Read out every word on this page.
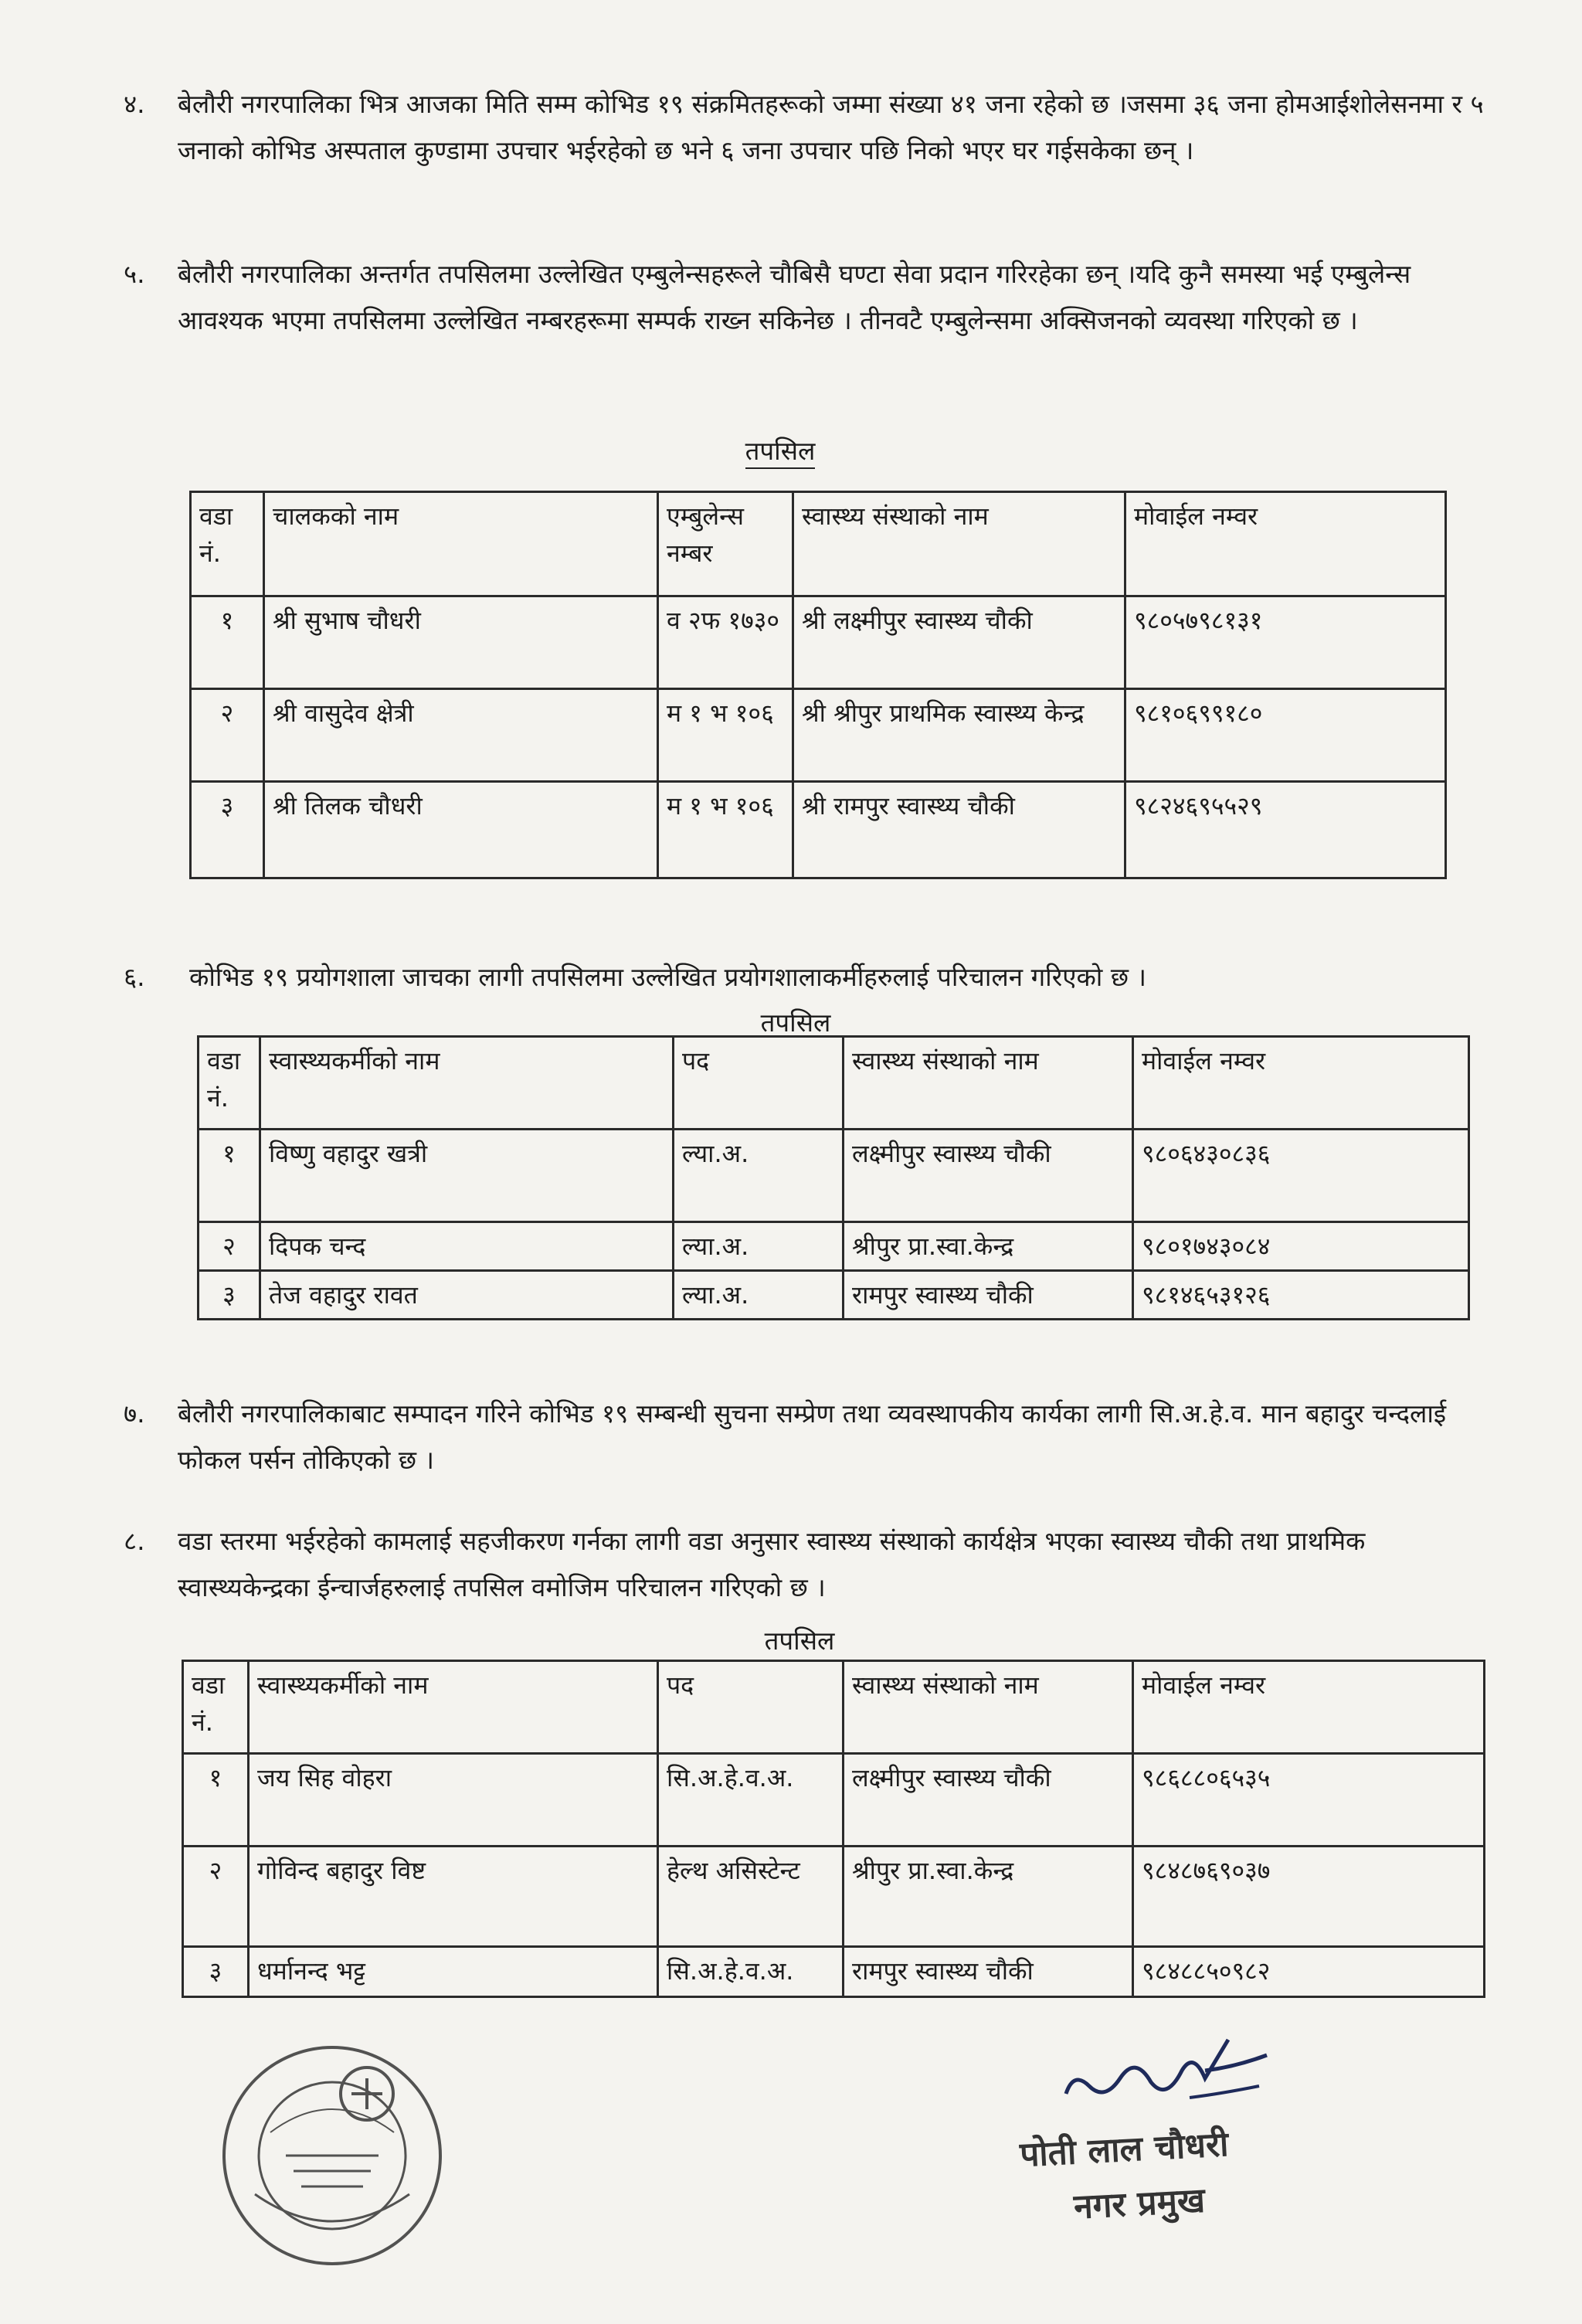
४. बेलौरी नगरपालिका भित्र आजका मिति सम्म कोभिड १९ संक्रमितहरूको जम्मा संख्या ४१ जना रहेको छ ।जसमा ३६ जना होमआईशोलेसनमा र ५ जनाको कोभिड अस्पताल कुण्डामा उपचार भईरहेको छ भने ६ जना उपचार पछि निको भएर घर गईसकेका छन् ।
५. बेलौरी नगरपालिका अन्तर्गत तपसिलमा उल्लेखित एम्बुलेन्सहरूले चौबिसै घण्टा सेवा प्रदान गरिरहेका छन् ।यदि कुनै समस्या भई एम्बुलेन्स आवश्यक भएमा तपसिलमा उल्लेखित नम्बरहरूमा सम्पर्क राख्न सकिनेछ । तीनवटै एम्बुलेन्समा अक्सिजनको व्यवस्था गरिएको छ ।
तपसिल
वडा नं.	चालकको नाम	एम्बुलेन्स नम्बर	स्वास्थ्य संस्थाको नाम	मोवाईल नम्वर
१	श्री सुभाष चौधरी	व २फ १७३०	श्री लक्ष्मीपुर स्वास्थ्य चौकी	९८०५७९८१३१
२	श्री वासुदेव क्षेत्री	म १ भ १०६	श्री श्रीपुर प्राथमिक स्वास्थ्य केन्द्र	९८१०६९९१८०
३	श्री तिलक चौधरी	म १ भ १०६	श्री रामपुर स्वास्थ्य चौकी	९८२४६९५५२९
६. कोभिड १९ प्रयोगशाला जाचका लागी तपसिलमा उल्लेखित प्रयोगशालाकर्मीहरुलाई परिचालन गरिएको छ ।
तपसिल
वडा नं.	स्वास्थ्यकर्मीको नाम	पद	स्वास्थ्य संस्थाको नाम	मोवाईल नम्वर
१	विष्णु वहादुर खत्री	ल्या.अ.	लक्ष्मीपुर स्वास्थ्य चौकी	९८०६४३०८३६
२	दिपक चन्द	ल्या.अ.	श्रीपुर प्रा.स्वा.केन्द्र	९८०१७४३०८४
३	तेज वहादुर रावत	ल्या.अ.	रामपुर स्वास्थ्य चौकी	९८१४६५३१२६
७. बेलौरी नगरपालिकाबाट सम्पादन गरिने कोभिड १९ सम्बन्धी सुचना सम्प्रेण तथा व्यवस्थापकीय कार्यका लागी सि.अ.हे.व. मान बहादुर चन्दलाई फोकल पर्सन तोकिएको छ ।
८. वडा स्तरमा भईरहेको कामलाई सहजीकरण गर्नका लागी वडा अनुसार स्वास्थ्य संस्थाको कार्यक्षेत्र भएका स्वास्थ्य चौकी तथा प्राथमिक स्वास्थ्यकेन्द्रका ईन्चार्जहरुलाई तपसिल वमोजिम परिचालन गरिएको छ ।
तपसिल
वडा नं.	स्वास्थ्यकर्मीको नाम	पद	स्वास्थ्य संस्थाको नाम	मोवाईल नम्वर
१	जय सिह वोहरा	सि.अ.हे.व.अ.	लक्ष्मीपुर स्वास्थ्य चौकी	९८६८८०६५३५
२	गोविन्द बहादुर विष्ट	हेल्थ असिस्टेन्ट	श्रीपुर प्रा.स्वा.केन्द्र	९८४८७६९०३७
३	धर्मानन्द भट्ट	सि.अ.हे.व.अ.	रामपुर स्वास्थ्य चौकी	९८४८८५०९८२
पोती लाल चौधरी
नगर प्रमुख
